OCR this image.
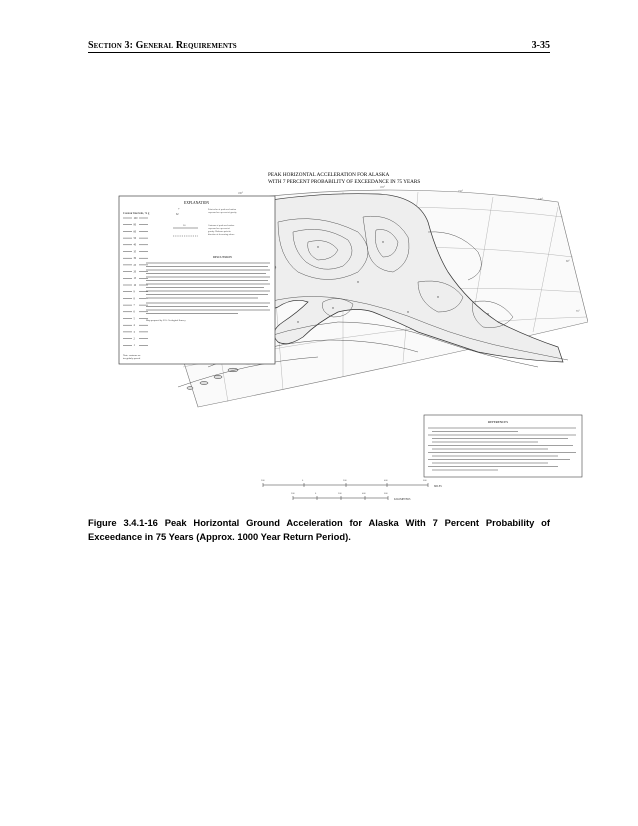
Section 3: General Requirements	3-35
PEAK HORIZONTAL ACCELERATION FOR ALASKA
WITH 7 PERCENT PROBABILITY OF EXCEEDANCE IN 75 YEARS
180°
165°
150°
140°
60°
55°
EXPLANATION
Contour Intervals, % g
100
80
60
50
40
35
30
25
20
15
10
9
8
7
6
5
4
3
2
1
+
62
Point value of peak acceleration expressed as a percent of gravity
30	Contours of peak acceleration expressed as a percent of gravity. Hachures point in direction of decreasing values.
DISCUSSION
Map prepared by U.S. Geological Survey
Note: contours are irregularly spaced
REFERENCES
200	0	200	400	600
200	0	200	400	600
MILES
KILOMETERS
Figure 3.4.1-16 Peak Horizontal Ground Acceleration for Alaska With 7 Percent Probability of Exceedance in 75 Years (Approx. 1000 Year Return Period).
